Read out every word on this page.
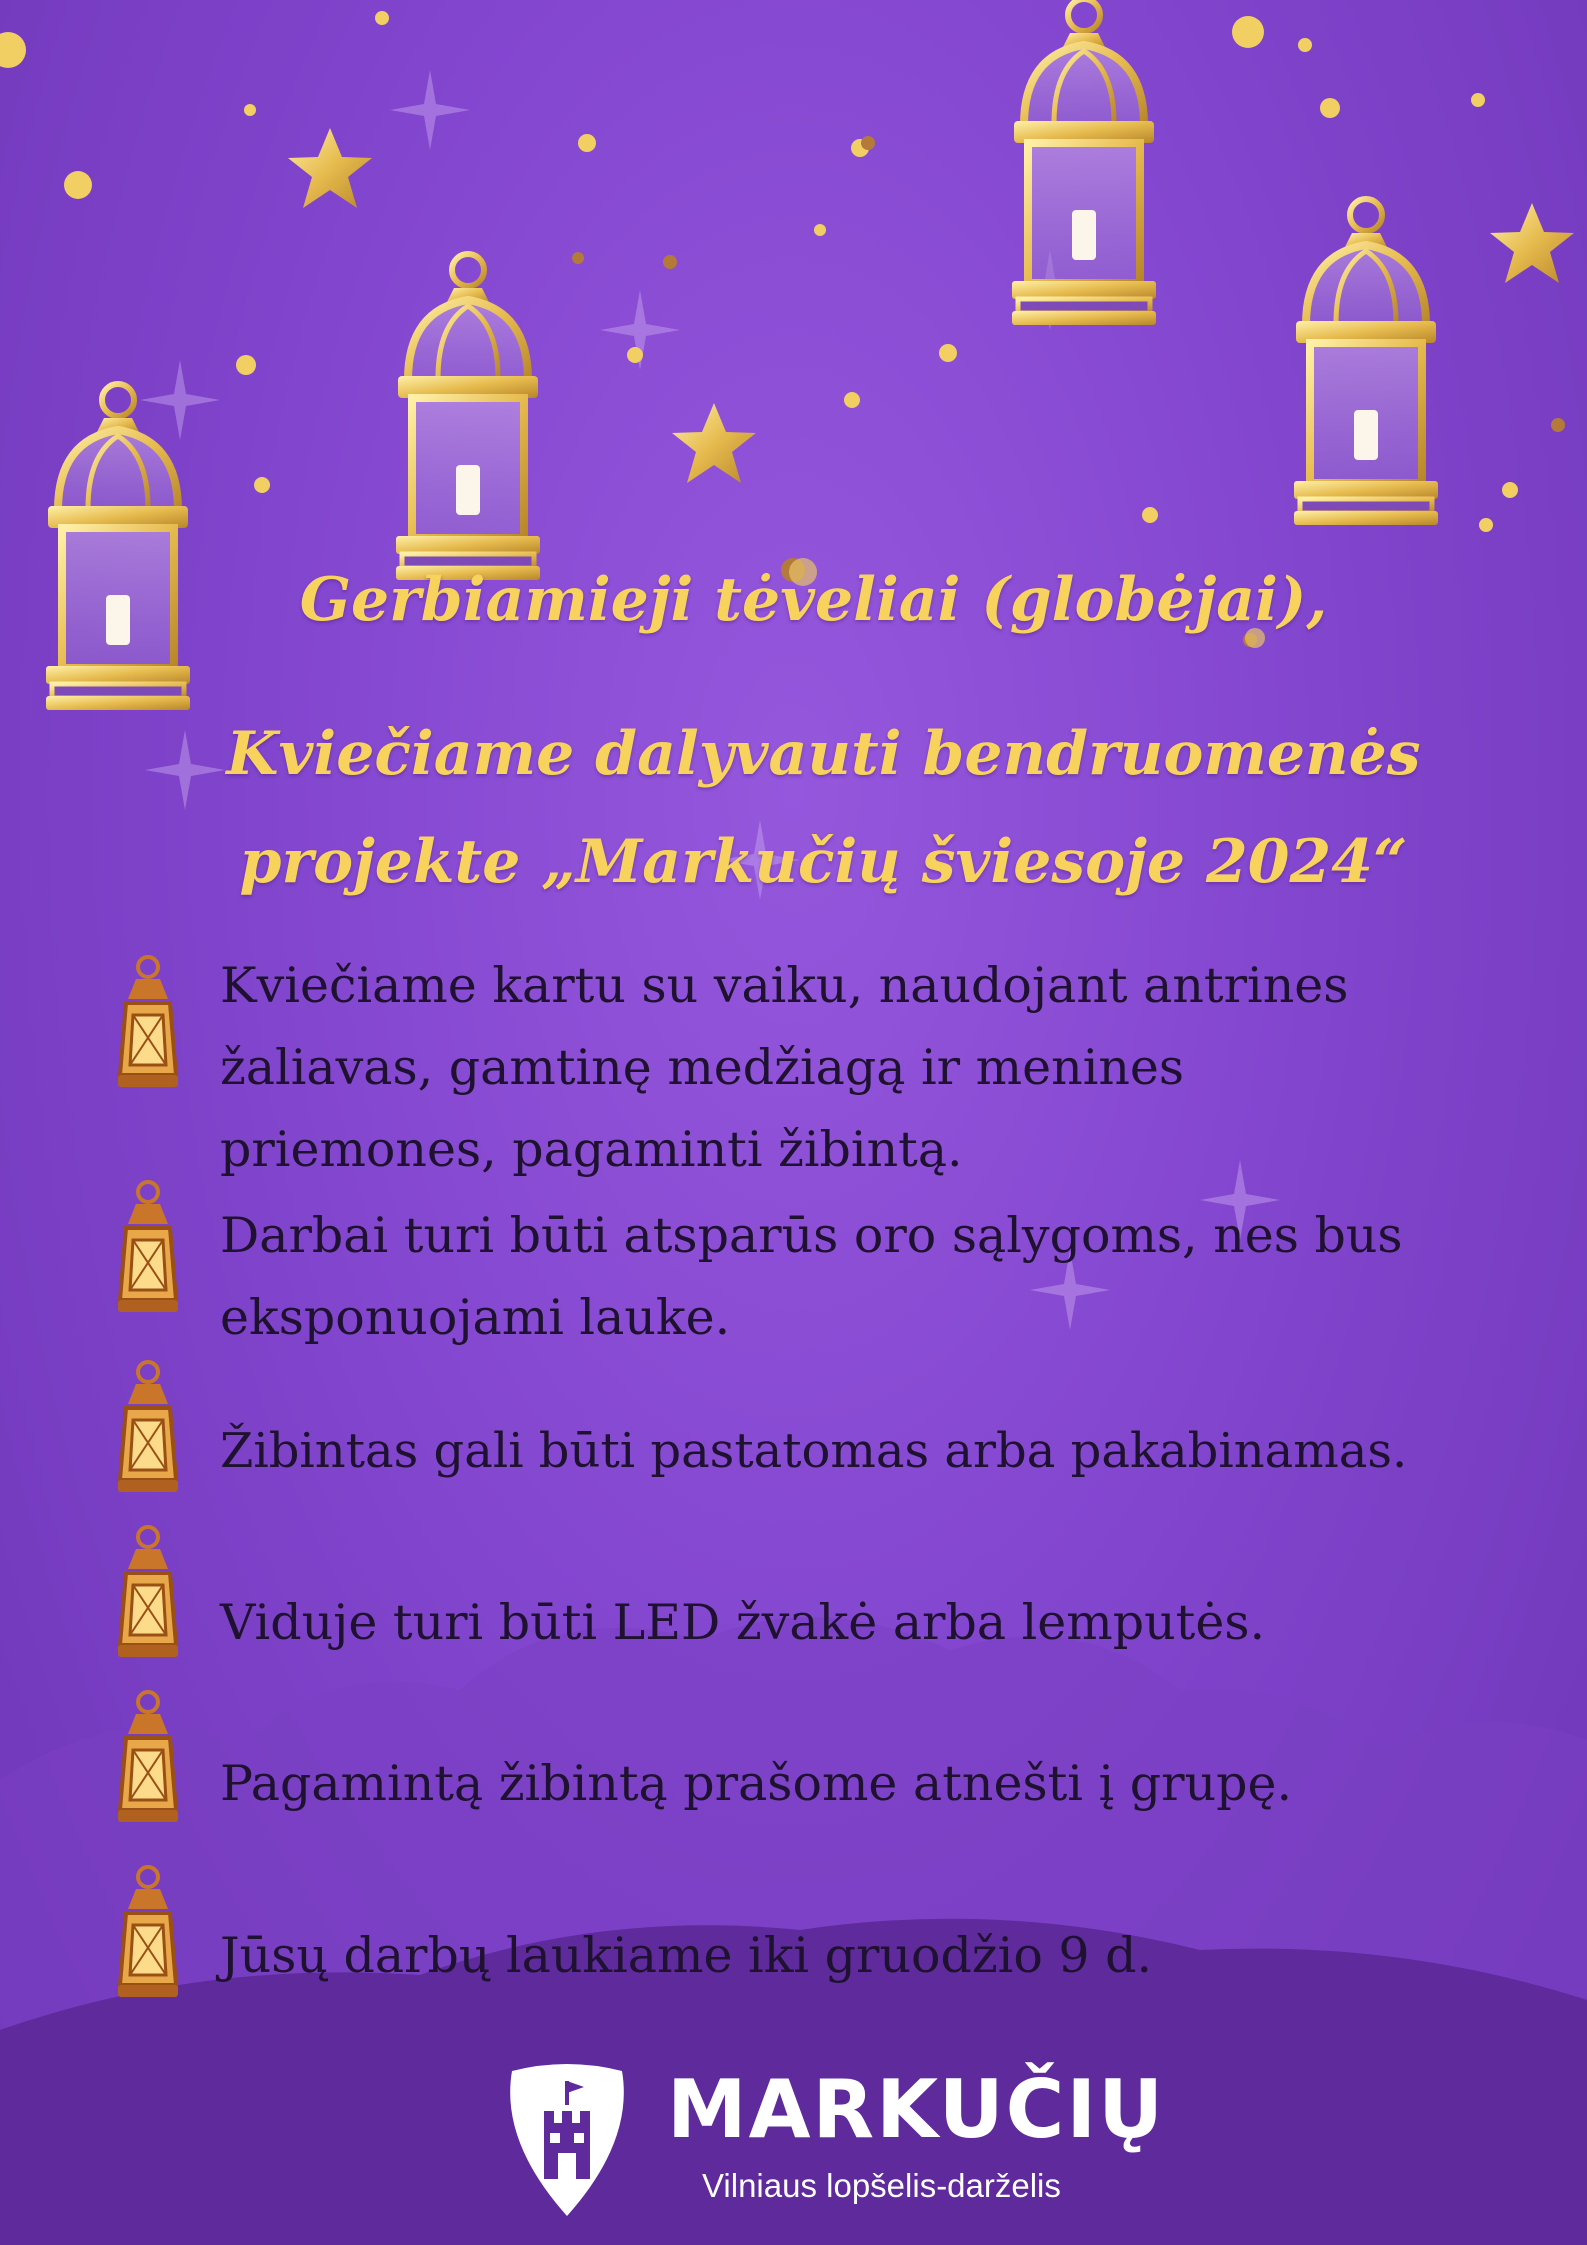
Gerbiamieji tėveliai (globėjai),
Kviečiame dalyvauti bendruomenės
projekte „Markučių šviesoje 2024“
Kviečiame kartu su vaiku, naudojant antrines
žaliavas, gamtinę medžiagą ir menines
priemones, pagaminti žibintą.
Darbai turi būti atsparūs oro sąlygoms, nes bus
eksponuojami lauke.
Žibintas gali būti pastatomas arba pakabinamas.
Viduje turi būti LED žvakė arba lemputės.
Pagamintą žibintą prašome atnešti į grupę.
Jūsų darbų laukiame iki gruodžio 9 d.
MARKUČIŲ
Vilniaus lopšelis-darželis
